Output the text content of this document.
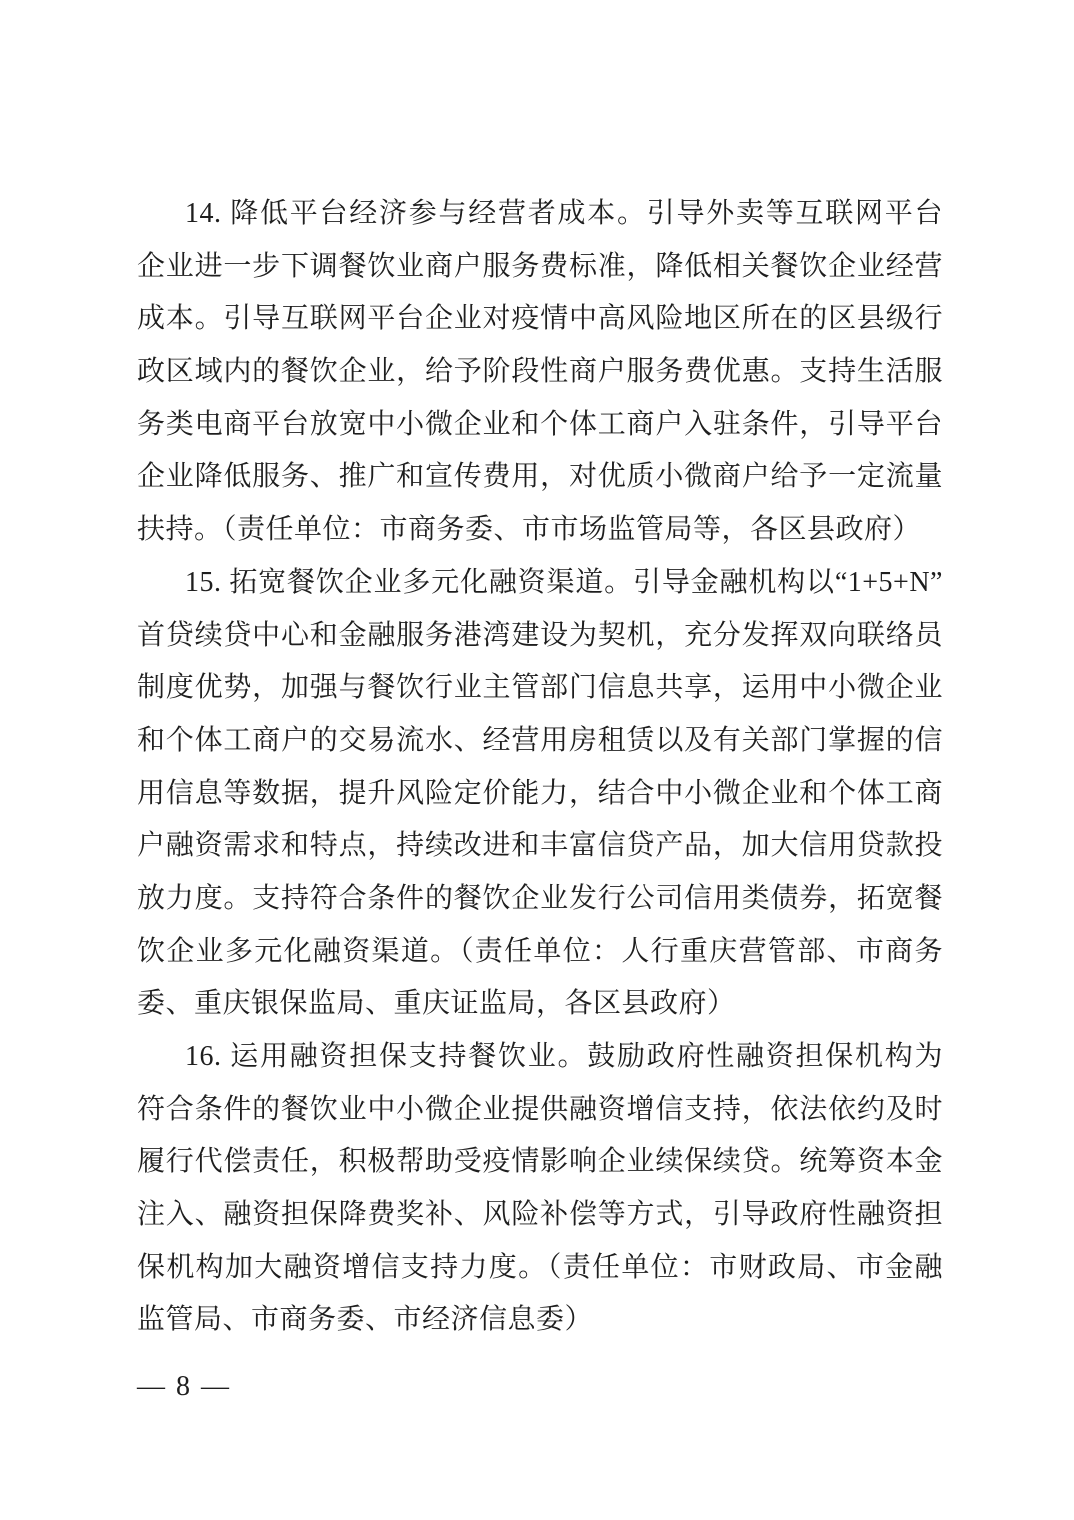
14. 降低平台经济参与经营者成本。引导外卖等互联网平台
企业进一步下调餐饮业商户服务费标准，降低相关餐饮企业经营
成本。引导互联网平台企业对疫情中高风险地区所在的区县级行
政区域内的餐饮企业，给予阶段性商户服务费优惠。支持生活服
务类电商平台放宽中小微企业和个体工商户入驻条件，引导平台
企业降低服务、推广和宣传费用，对优质小微商户给予一定流量
扶持。（责任单位：市商务委、市市场监管局等，各区县政府）
15. 拓宽餐饮企业多元化融资渠道。引导金融机构以“1+5+N”
首贷续贷中心和金融服务港湾建设为契机，充分发挥双向联络员
制度优势，加强与餐饮行业主管部门信息共享，运用中小微企业
和个体工商户的交易流水、经营用房租赁以及有关部门掌握的信
用信息等数据，提升风险定价能力，结合中小微企业和个体工商
户融资需求和特点，持续改进和丰富信贷产品，加大信用贷款投
放力度。支持符合条件的餐饮企业发行公司信用类债券，拓宽餐
饮企业多元化融资渠道。（责任单位：人行重庆营管部、市商务
委、重庆银保监局、重庆证监局，各区县政府）
16. 运用融资担保支持餐饮业。鼓励政府性融资担保机构为
符合条件的餐饮业中小微企业提供融资增信支持，依法依约及时
履行代偿责任，积极帮助受疫情影响企业续保续贷。统筹资本金
注入、融资担保降费奖补、风险补偿等方式，引导政府性融资担
保机构加大融资增信支持力度。（责任单位：市财政局、市金融
监管局、市商务委、市经济信息委）
— 8 —
